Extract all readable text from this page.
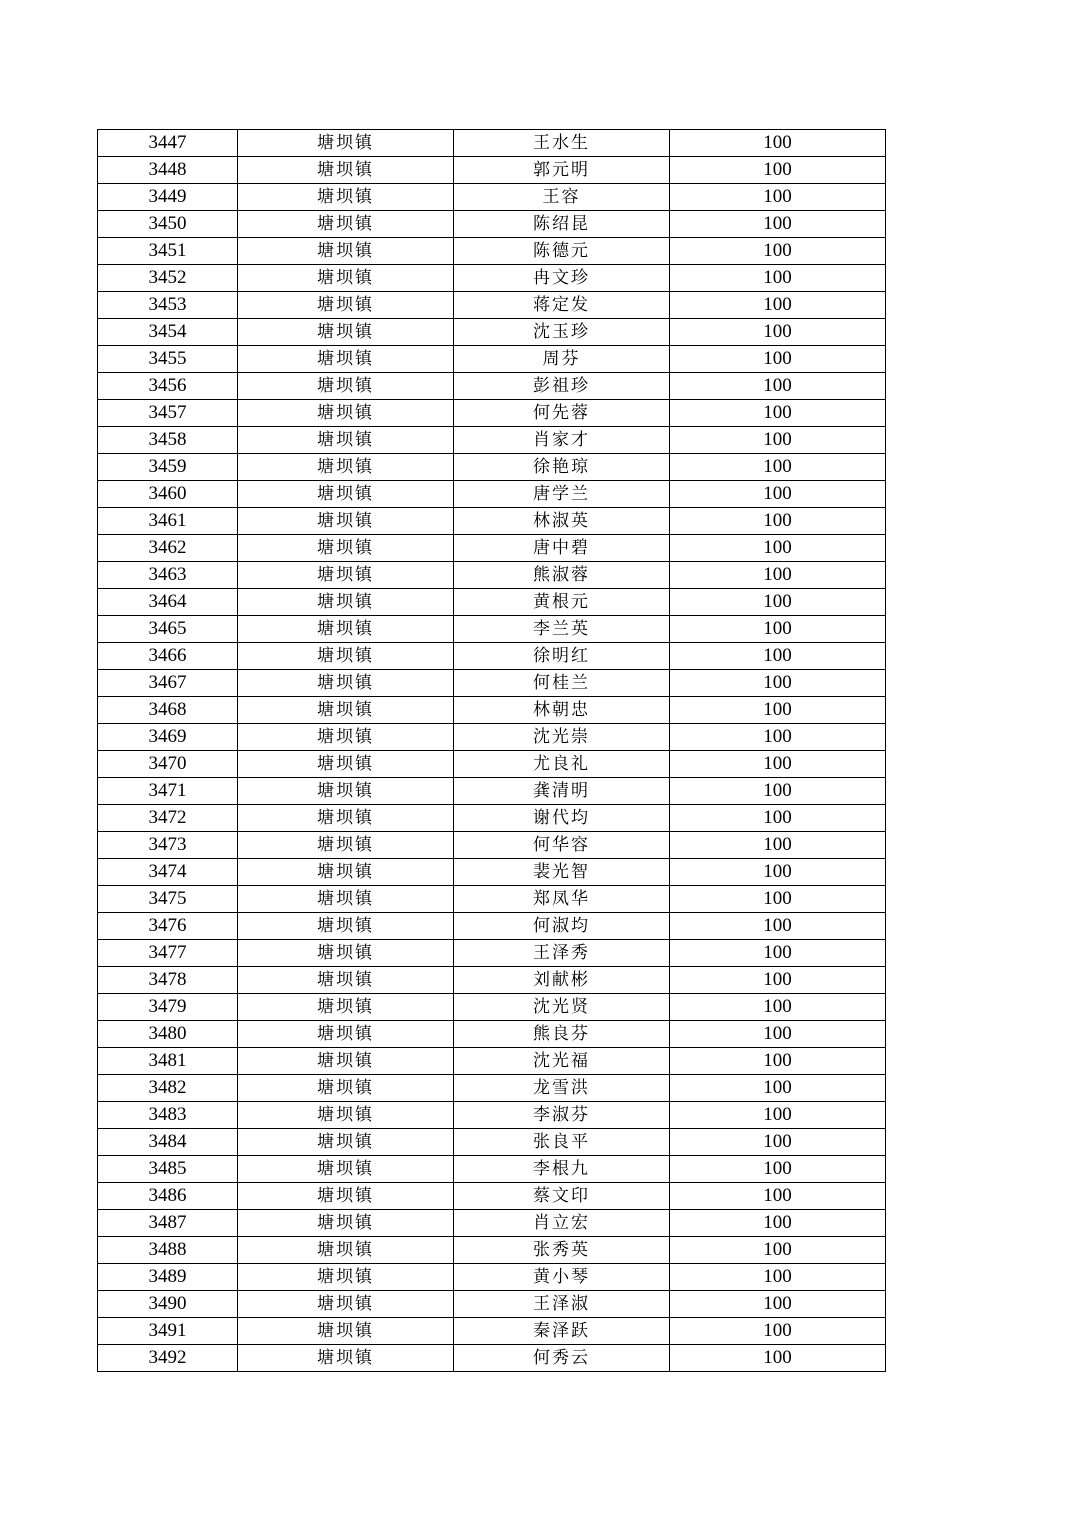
3447	塘坝镇	王水生	100
3448	塘坝镇	郭元明	100
3449	塘坝镇	王容	100
3450	塘坝镇	陈绍昆	100
3451	塘坝镇	陈德元	100
3452	塘坝镇	冉文珍	100
3453	塘坝镇	蒋定发	100
3454	塘坝镇	沈玉珍	100
3455	塘坝镇	周芬	100
3456	塘坝镇	彭祖珍	100
3457	塘坝镇	何先蓉	100
3458	塘坝镇	肖家才	100
3459	塘坝镇	徐艳琼	100
3460	塘坝镇	唐学兰	100
3461	塘坝镇	林淑英	100
3462	塘坝镇	唐中碧	100
3463	塘坝镇	熊淑蓉	100
3464	塘坝镇	黄根元	100
3465	塘坝镇	李兰英	100
3466	塘坝镇	徐明红	100
3467	塘坝镇	何桂兰	100
3468	塘坝镇	林朝忠	100
3469	塘坝镇	沈光崇	100
3470	塘坝镇	尤良礼	100
3471	塘坝镇	龚清明	100
3472	塘坝镇	谢代均	100
3473	塘坝镇	何华容	100
3474	塘坝镇	裴光智	100
3475	塘坝镇	郑凤华	100
3476	塘坝镇	何淑均	100
3477	塘坝镇	王泽秀	100
3478	塘坝镇	刘献彬	100
3479	塘坝镇	沈光贤	100
3480	塘坝镇	熊良芬	100
3481	塘坝镇	沈光福	100
3482	塘坝镇	龙雪洪	100
3483	塘坝镇	李淑芬	100
3484	塘坝镇	张良平	100
3485	塘坝镇	李根九	100
3486	塘坝镇	蔡文印	100
3487	塘坝镇	肖立宏	100
3488	塘坝镇	张秀英	100
3489	塘坝镇	黄小琴	100
3490	塘坝镇	王泽淑	100
3491	塘坝镇	秦泽跃	100
3492	塘坝镇	何秀云	100
